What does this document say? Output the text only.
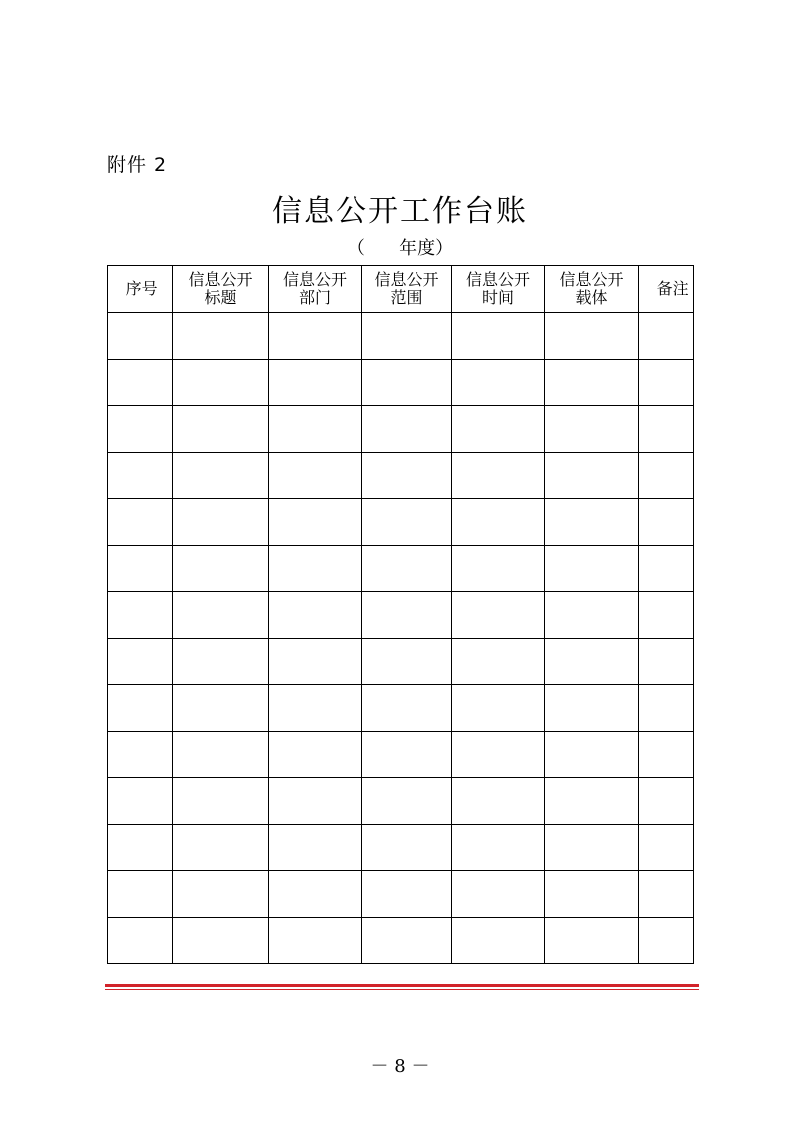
附件 2
信息公开工作台账
（      年度）
序号	信息公开标题	信息公开部门	信息公开范围	信息公开时间	信息公开载体	备注

－ 8 －
